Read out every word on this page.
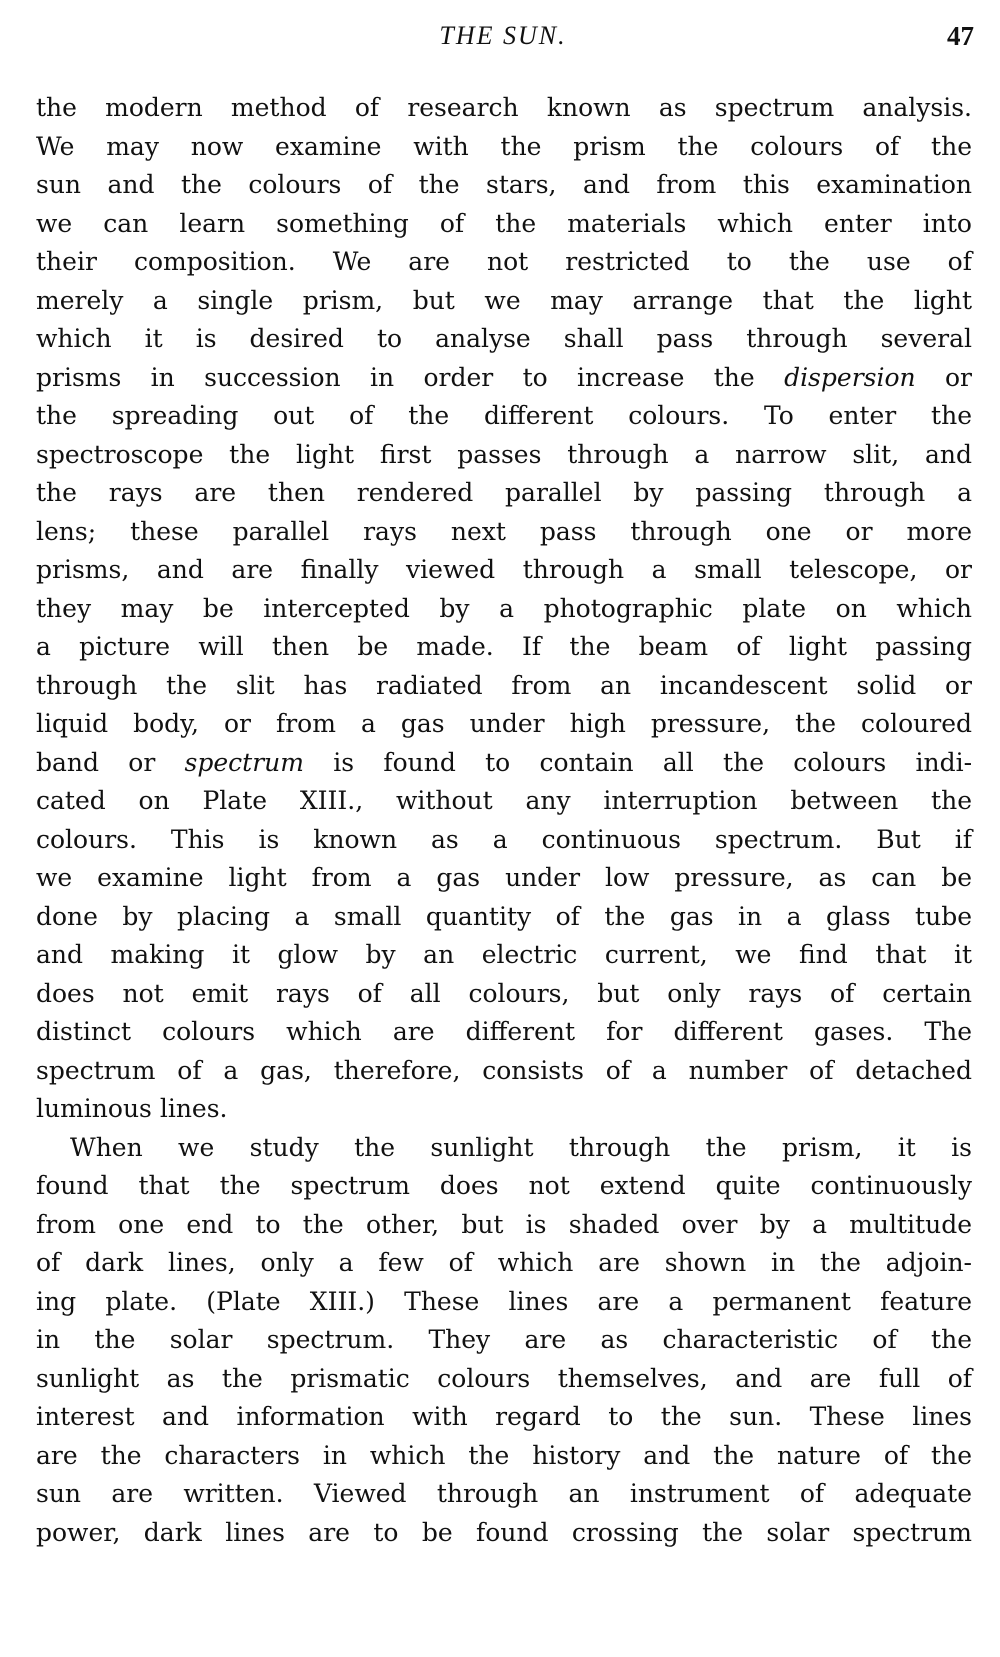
THE SUN.	47
the modern method of research known as spectrum analysis.
We may now examine with the prism the colours of the
sun and the colours of the stars, and from this examination
we can learn something of the materials which enter into
their composition. We are not restricted to the use of
merely a single prism, but we may arrange that the light
which it is desired to analyse shall pass through several
prisms in succession in order to increase the dispersion or
the spreading out of the different colours. To enter the
spectroscope the light first passes through a narrow slit, and
the rays are then rendered parallel by passing through a
lens; these parallel rays next pass through one or more
prisms, and are finally viewed through a small telescope, or
they may be intercepted by a photographic plate on which
a picture will then be made. If the beam of light passing
through the slit has radiated from an incandescent solid or
liquid body, or from a gas under high pressure, the coloured
band or spectrum is found to contain all the colours indi-
cated on Plate XIII., without any interruption between the
colours. This is known as a continuous spectrum. But if
we examine light from a gas under low pressure, as can be
done by placing a small quantity of the gas in a glass tube
and making it glow by an electric current, we find that it
does not emit rays of all colours, but only rays of certain
distinct colours which are different for different gases. The
spectrum of a gas, therefore, consists of a number of detached
luminous lines.
When we study the sunlight through the prism, it is
found that the spectrum does not extend quite continuously
from one end to the other, but is shaded over by a multitude
of dark lines, only a few of which are shown in the adjoin-
ing plate. (Plate XIII.) These lines are a permanent feature
in the solar spectrum. They are as characteristic of the
sunlight as the prismatic colours themselves, and are full of
interest and information with regard to the sun. These lines
are the characters in which the history and the nature of the
sun are written. Viewed through an instrument of adequate
power, dark lines are to be found crossing the solar spectrum
